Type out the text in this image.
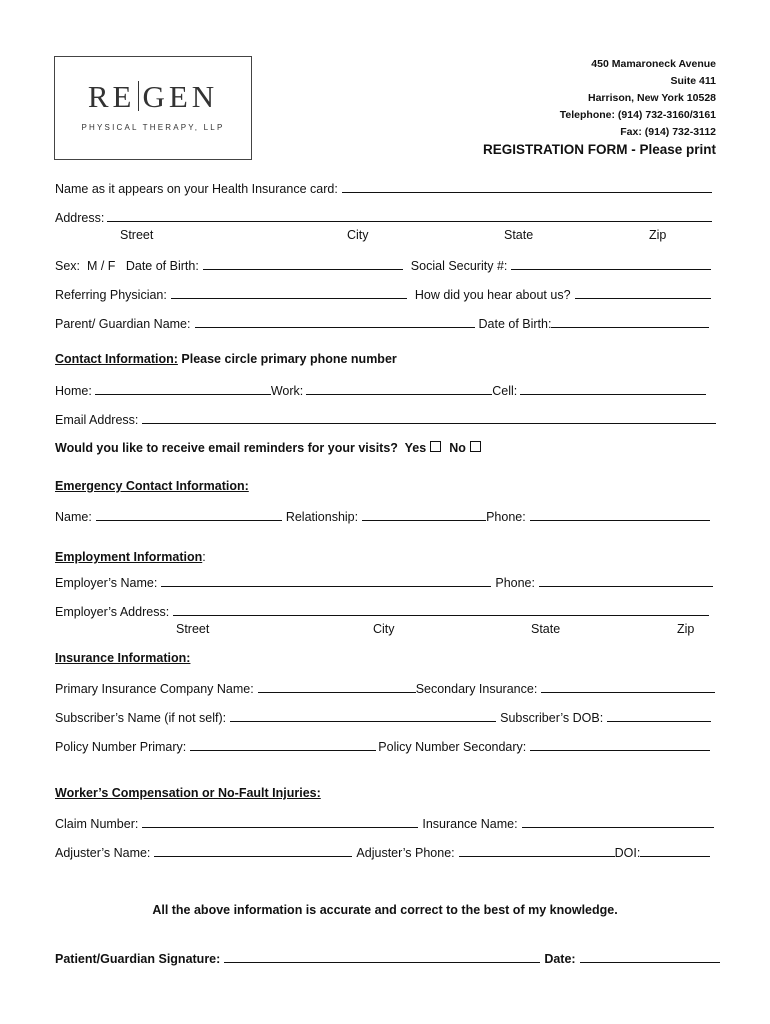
RE GEN
PHYSICAL THERAPY, LLP
450 Mamaroneck Avenue
Suite 411
Harrison, New York 10528
Telephone: (914) 732-3160/3161
Fax: (914) 732-3112
REGISTRATION FORM - Please print
Name as it appears on your Health Insurance card:
Address:
Street	City	State	Zip
Sex:  M / F   Date of Birth:	Social Security #:
Referring Physician:	How did you hear about us?
Parent/ Guardian Name:	Date of Birth:
Contact Information: Please circle primary phone number
Home:	Work:	Cell:
Email Address:
Would you like to receive email reminders for your visits?  Yes No
Emergency Contact Information:
Name:	Relationship:	Phone:
Employment Information :
Employer’s Name:	Phone:
Employer’s Address:
Street	City	State	Zip
Insurance Information:
Primary Insurance Company Name:	Secondary Insurance:
Subscriber’s Name (if not self):	Subscriber’s DOB:
Policy Number Primary:	Policy Number Secondary:
Worker’s Compensation or No-Fault Injuries:
Claim Number:	Insurance Name:
Adjuster’s Name:	Adjuster’s Phone:	DOI:
All the above information is accurate and correct to the best of my knowledge.
Patient/Guardian Signature:	Date:
